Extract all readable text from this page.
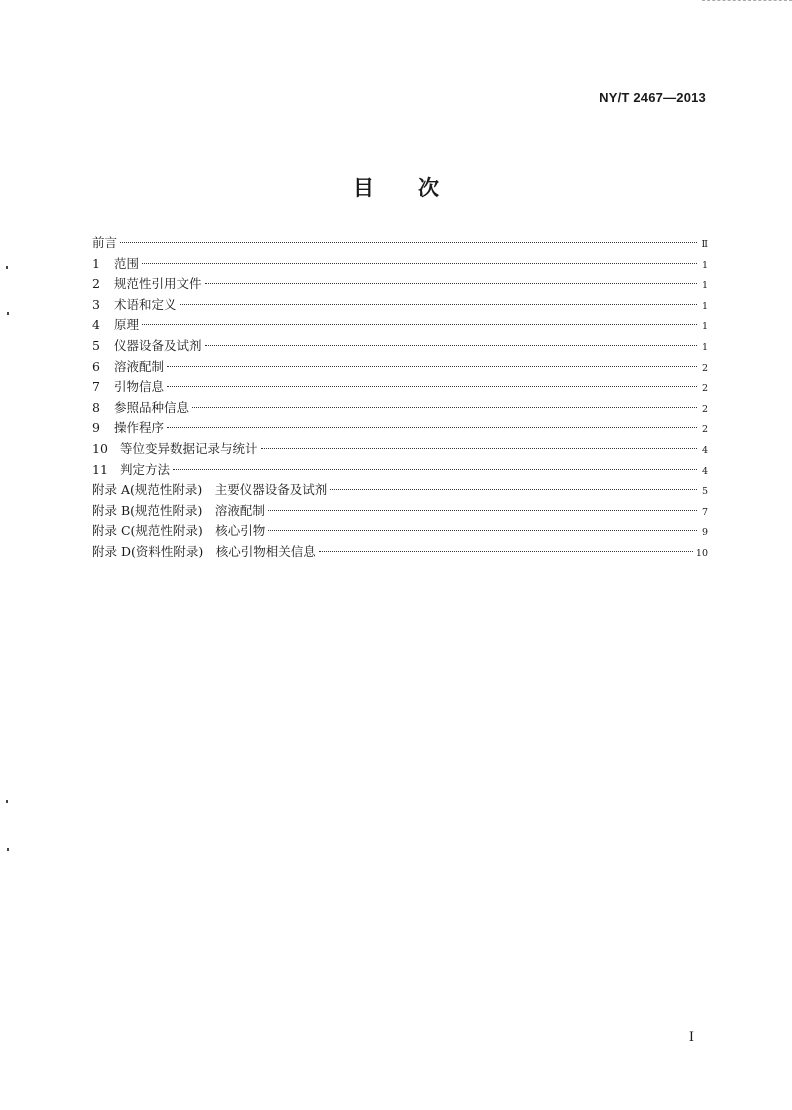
NY/T 2467—2013
目次
前言	Ⅱ
1	范围	1
2	规范性引用文件	1
3	术语和定义	1
4	原理	1
5	仪器设备及试剂	1
6	溶液配制	2
7	引物信息	2
8	参照品种信息	2
9	操作程序	2
10 等位变异数据记录与统计	4
11 判定方法	4
附录 A(规范性附录)　主要仪器设备及试剂	5
附录 B(规范性附录)　溶液配制	7
附录 C(规范性附录)　核心引物	9
附录 D(资料性附录)　核心引物相关信息	10
Ⅰ
